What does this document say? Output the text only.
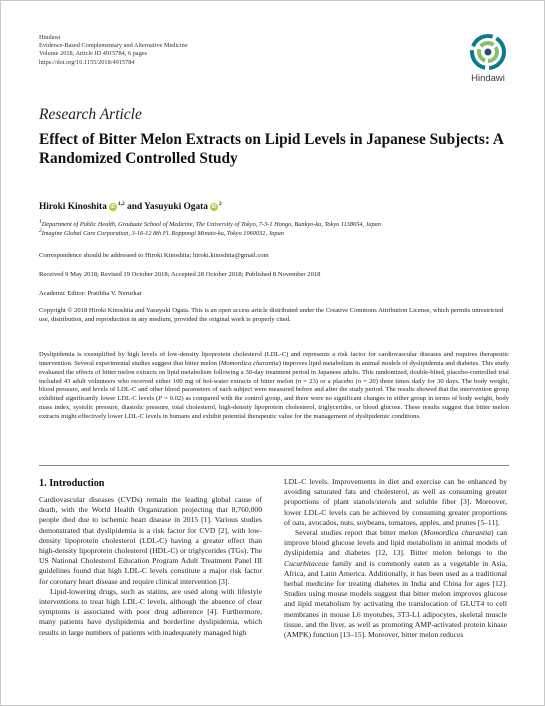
Hindawi
Evidence-Based Complementary and Alternative Medicine
Volume 2018, Article ID 4915784, 6 pages
https://doi.org/10.1155/2018/4915784
Hindawi
Research Article
Effect of Bitter Melon Extracts on Lipid Levels in Japanese Subjects: A Randomized Controlled Study
Hiroki Kinoshita iD$^{1,2}$ and Yasuyuki Ogata $iD^2$
$^1$Department of Public Health, Graduate School of Medicine, The University of Tokyo, 7-3-1 Hongo, Bunkyo-ku, Tokyo 1138654, Japan
$^2$Imagine Global Care Corporation, 3-16-12 8th Fl. Roppongi Minato-ku, Tokyo 1060032, Japan
Correspondence should be addressed to Hiroki Kinoshita; hiroki.kinoshita@gmail.com
Received 9 May 2018; Revised 19 October 2018; Accepted 28 October 2018; Published 8 November 2018
Academic Editor: Pratibha V. Nerurkar
Copyright © 2018 Hiroki Kinoshita and Yasuyuki Ogata. This is an open access article distributed under the Creative Commons Attribution License, which permits unrestricted use, distribution, and reproduction in any medium, provided the original work is properly cited.
Dyslipidemia is exemplified by high levels of low-density lipoprotein cholesterol (LDL-C) and represents a risk factor for cardiovascular diseases and requires therapeutic intervention. Several experimental studies suggest that bitter melon (Momordica charantia) improves lipid metabolism in animal models of dyslipidemia and diabetes. This study evaluated the effects of bitter melon extracts on lipid metabolism following a 30-day treatment period in Japanese adults. This randomized, double-blind, placebo-controlled trial included 43 adult volunteers who received either 100 mg of hot-water extracts of bitter melon (n = 23) or a placebo (n = 20) three times daily for 30 days. The body weight, blood pressure, and levels of LDL-C and other blood parameters of each subject were measured before and after the study period. The results showed that the intervention group exhibited significantly lower LDL-C levels (P = 0.02) as compared with the control group, and there were no significant changes in either group in terms of body weight, body mass index, systolic pressure, diastolic pressure, total cholesterol, high-density lipoprotein cholesterol, triglycerides, or blood glucose. These results suggest that bitter melon extracts might effectively lower LDL-C levels in humans and exhibit potential therapeutic value for the management of dyslipidemic conditions.
1. Introduction

Cardiovascular diseases (CVDs) remain the leading global cause of death, with the World Health Organization projecting that 8,760,000 people died due to ischemic heart disease in 2015 [1]. Various studies demonstrated that dyslipidemia is a risk factor for CVD [2], with low-density lipoprotein cholesterol (LDL-C) having a greater effect than high-density lipoprotein cholesterol (HDL-C) or triglycerides (TGs). The US National Cholesterol Education Program Adult Treatment Panel III guidelines found that high LDL-C levels constitute a major risk factor for coronary heart disease and require clinical intervention [3].

Lipid-lowering drugs, such as statins, are used along with lifestyle interventions to treat high LDL-C levels, although the absence of clear symptoms is associated with poor drug adherence [4]. Furthermore, many patients have dyslipidemia and borderline dyslipidemia, which results in large numbers of patients with inadequately managed high

LDL-C levels. Improvements in diet and exercise can be enhanced by avoiding saturated fats and cholesterol, as well as consuming greater proportions of plant stanols/sterols and soluble fiber [3]. Moreover, lower LDL-C levels can be achieved by consuming greater proportions of oats, avocados, nuts, soybeans, tomatoes, apples, and prunes [5–11].

Several studies report that bitter melon (Momordica charantia) can improve blood glucose levels and lipid metabolism in animal models of dyslipidemia and diabetes [12, 13]. Bitter melon belongs to the Cucurbitaceae family and is commonly eaten as a vegetable in Asia, Africa, and Latin America. Additionally, it has been used as a traditional herbal medicine for treating diabetes in India and China for ages [12]. Studies using mouse models suggest that bitter melon improves glucose and lipid metabolism by activating the translocation of GLUT4 to cell membranes in mouse L6 myotubes, 3T3-L1 adipocytes, skeletal muscle tissue, and the liver, as well as promoting AMP-activated protein kinase (AMPK) function [13–15]. Moreover, bitter melon reduces
